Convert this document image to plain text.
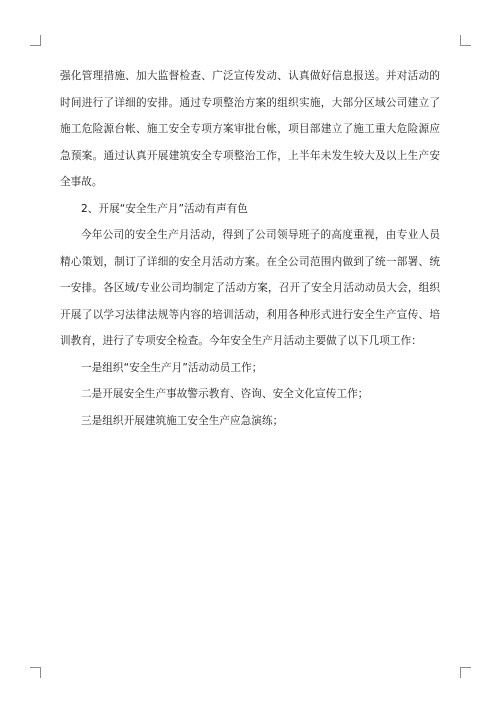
强化管理措施、加大监督检查、广泛宣传发动、认真做好信息报送。并对活动的时间进行了详细的安排。通过专项整治方案的组织实施，大部分区域公司建立了施工危险源台帐、施工安全专项方案审批台帐，项目部建立了施工重大危险源应急预案。通过认真开展建筑安全专项整治工作，上半年未发生较大及以上生产安全事故。

2、开展“安全生产月”活动有声有色

今年公司的安全生产月活动，得到了公司领导班子的高度重视，由专业人员精心策划，制订了详细的安全月活动方案。在全公司范围内做到了统一部署、统一安排。各区域/专业公司均制定了活动方案，召开了安全月活动动员大会，组织开展了以学习法律法规等内容的培训活动，利用各种形式进行安全生产宣传、培训教育，进行了专项安全检查。今年安全生产月活动主要做了以下几项工作：

一是组织“安全生产月”活动动员工作；

二是开展安全生产事故警示教育、咨询、安全文化宣传工作；

三是组织开展建筑施工安全生产应急演练；
